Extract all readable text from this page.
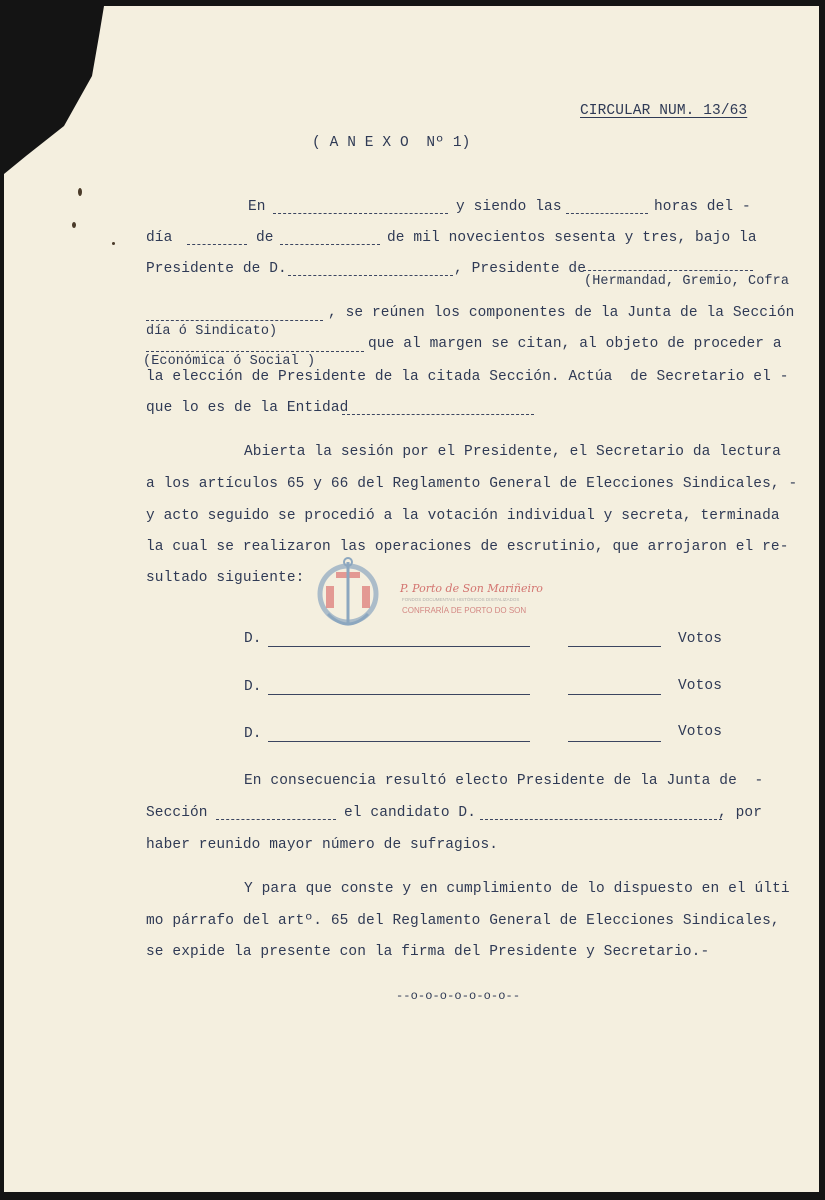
CIRCULAR NUM. 13/63
( A N E X O  Nº 1)
En	y siendo las	horas del -
día	de	de mil novecientos sesenta y tres, bajo la
Presidente de D.	, Presidente de
(Hermandad, Gremio, Cofra
, se reúnen los componentes de la Junta de la Sección
día ó Sindicato)
que al margen se citan, al objeto de proceder a
(Económica ó Social )
la elección de Presidente de la citada Sección. Actúa  de Secretario el -
que lo es de la Entidad
Abierta la sesión por el Presidente, el Secretario da lectura
a los artículos 65 y 66 del Reglamento General de Elecciones Sindicales, -
y acto seguido se procedió a la votación individual y secreta, terminada
la cual se realizaron las operaciones de escrutinio, que arrojaron el re-
sultado siguiente:
P. Porto de Son Mariñeiro
FONDOS DOCUMENTAIS HISTÓRICOS DIXITALIZADOS
CONFRARÍA DE PORTO DO SON
D.	Votos
D.	Votos
D.	Votos
En consecuencia resultó electo Presidente de la Junta de  -
Sección	el candidato D.	, por
haber reunido mayor número de sufragios.
Y para que conste y en cumplimiento de lo dispuesto en el últi
mo párrafo del artº. 65 del Reglamento General de Elecciones Sindicales,
se expide la presente con la firma del Presidente y Secretario.-
--o-o-o-o-o-o-o--
